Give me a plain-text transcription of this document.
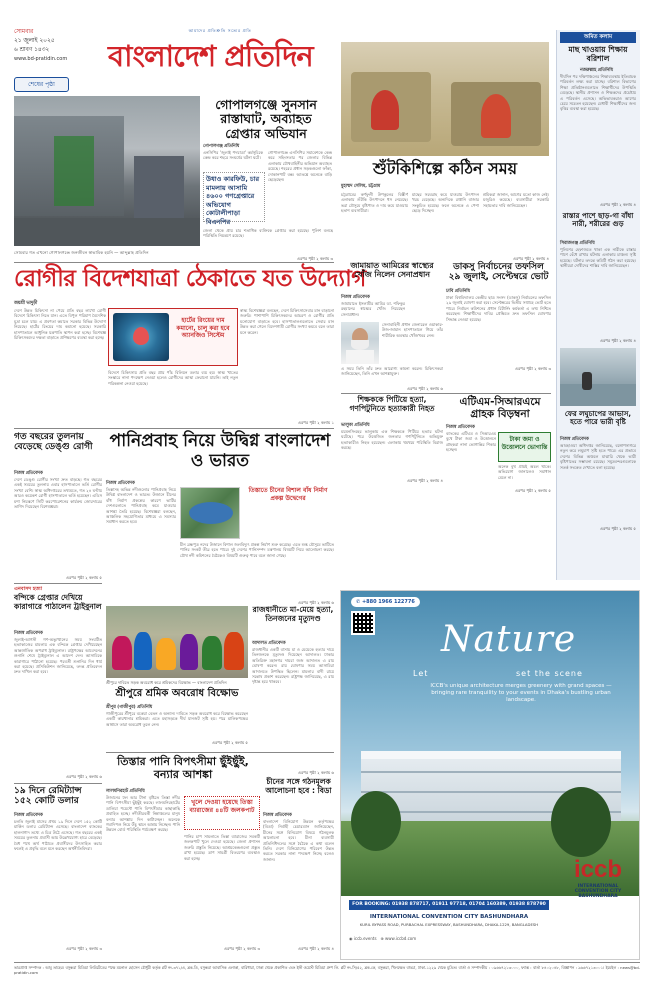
সোমবার
২১ জুলাই ২০২৫
৬ শ্রাবণ ১৪৩২
www.bd-pratidin.com
আমাদের প্রতিশ্রুতি সত্যের প্রতি
বাংলাদেশ প্রতিদিন
শেষের পৃষ্ঠা
সোমবার গত এখনো গোপালগঞ্জে জনজীবন স্বাভাবিক হয়নি — আব্দুল্লাহ প্রতিদিন
গোপালগঞ্জে সুনসান রাস্তাঘাট, অব্যাহত গ্রেপ্তার অভিযান
গোপালগঞ্জ প্রতিনিধি
উধাও কারফিউ, চার মামলায় আসামি ৪৬০০ গণগ্রেপ্তারে অভিযোগ কোটালীপাড়া বিএনপির
গোপালগঞ্জে এনসিপির সমাবেশকে কেন্দ্র করে সহিংসতার পর জেলার বিভিন্ন এলাকায় যৌথবাহিনীর অভিযান অব্যাহত রয়েছে। শহরের প্রধান সড়কগুলো ফাঁকা, দোকানপাট বন্ধ। আতঙ্কে অনেকে বাড়ি ছেড়েছেন।
এনসিপির 'জুলাই পদযাত্রা' কর্মসূচিকে কেন্দ্র করে শহরে সংঘর্ষের ঘটনা ঘটে।
জেলা থেকে প্রায় চার শতাধিক ব্যক্তিকে গ্রেপ্তার করা হয়েছে। পুলিশ বলছে পরিস্থিতি নিয়ন্ত্রণে রয়েছে।
এরপর পৃষ্ঠা ২ কলাম ৩
শুঁটকিশিল্পে কঠিন সময়
মুহাম্মদ সেলিম, চট্টগ্রাম
চট্টগ্রামের কর্ণফুলী উপকূলের বিস্তীর্ণ এলাকায় শুঁটকি উৎপাদনে ধস নেমেছে। ভরা মৌসুমে বৃষ্টিপাত ও দাম কমে যাওয়ায় হতাশ ব্যবসায়ীরা।
মাছের সরবরাহ কমে যাওয়ায় উৎপাদন খরচ বেড়েছে। অন্যদিকে রপ্তানি বাজার সংকুচিত হয়েছে। ফলে অনেকে এ পেশা ছেড়ে দিচ্ছেন।
শ্রমিকরা জানান, আগের মতো কাজ নেই। মজুরিও কমেছে। ব্যবসায়ীরা সরকারি সহায়তার দাবি জানিয়েছেন।
এরপর পৃষ্ঠা ২ কলাম ৪
অমিত কলাম
মাছ খাওয়ায় শিক্ষায় বরিশাল
নজরুল্লাহ প্রতিনিধি
দীর্ঘদিন পর দক্ষিণাঞ্চলের শিক্ষাব্যবস্থায় ইতিবাচক পরিবর্তন লক্ষ্য করা যাচ্ছে। বরিশাল বিভাগের শিক্ষা প্রতিষ্ঠানগুলোতে শিক্ষার্থীদের উপস্থিতি বেড়েছে। স্থানীয় প্রশাসন ও শিক্ষকদের প্রচেষ্টায় এ পরিবর্তন এসেছে। অভিভাবকরাও আগের চেয়ে সচেতন হয়েছেন। মেধাবী শিক্ষার্থীদের জন্য বৃত্তির ব্যবস্থা করা হয়েছে।
এরপর পৃষ্ঠা ২ কলাম ৪
রাস্তার পাশে ছাড়-গা বাঁধা নারী, শরীরের গুড়
সিরাজগঞ্জ প্রতিনিধি
পুলিশের হেফাজতে থাকা এক নারীকে রাস্তার পাশে বেঁধে রাখার ঘটনায় এলাকায় চাঞ্চল্য সৃষ্টি হয়েছে। ঘটনার তদন্তে কমিটি গঠন করা হয়েছে। স্থানীয়রা দোষীদের শাস্তির দাবি জানিয়েছেন।
এরপর পৃষ্ঠা ২ কলাম ৪
ফের লঘুচাপের আভাস, হতে পারে ভারী বৃষ্টি
নিজস্ব প্রতিবেদক
আবহাওয়া অধিদপ্তর জানিয়েছে, বঙ্গোপসাগরে নতুন করে লঘুচাপ সৃষ্টি হতে পারে। এর প্রভাবে দেশের বিভিন্ন অঞ্চলে মাঝারি থেকে ভারী বৃষ্টিপাতের সম্ভাবনা রয়েছে। সমুদ্রবন্দরগুলোকে সতর্ক সংকেত দেখাতে বলা হয়েছে।
এরপর পৃষ্ঠা ২ কলাম ৫
রোগীর বিদেশযাত্রা ঠেকাতে যত উদ্যোগ
জয়শ্রী ভাদুড়ী
দেশে উন্নত চিকিৎসা না পেয়ে প্রতি বছর লাখো রোগী বিদেশে চিকিৎসা নিতে যান। এতে বিপুল পরিমাণ বৈদেশিক মুদ্রা চলে যায়। এ প্রবণতা কমাতে সরকার বিভিন্ন উদ্যোগ নিয়েছে। হার্টের রিংয়ের দাম কমানো হয়েছে। সরকারি হাসপাতালে আধুনিক যন্ত্রপাতি স্থাপন করা হচ্ছে। বিশেষজ্ঞ চিকিৎসকদের দক্ষতা বাড়াতে প্রশিক্ষণের ব্যবস্থা করা হচ্ছে।
হার্টের রিংয়ের দাম কমানো, চালু করা হবে অ্যানজিও সিস্টেম
বিদেশে চিকিৎসায় প্রতি বছর প্রায় পাঁচ বিলিয়ন ডলার ব্যয় হয়। স্বাস্থ্য খাতের সংস্কারে নানা পদক্ষেপ নেওয়া হলেও রোগীদের আস্থা ফেরানো যায়নি। তাই নতুন পরিকল্পনা নেওয়া হয়েছে।
স্বাস্থ্য বিশেষজ্ঞরা বলছেন, দেশে চিকিৎসাসেবার মান বাড়ানো জরুরি। পাশাপাশি চিকিৎসকদের আচরণ ও রোগীর প্রতি মনোযোগ বাড়াতে হবে। হাসপাতালগুলোতে সেবার মান উন্নত করা গেলে বিদেশগামী রোগীর সংখ্যা কমবে বলে তারা মনে করেন।
এরপর পৃষ্ঠা ২ কলাম ১
জামায়াত আমিরের স্বাস্থ্যের খোঁজ নিলেন সেনাপ্রধান
নিজস্ব প্রতিবেদক
জামায়াতে ইসলামীর আমির ডা. শফিকুর রহমানের স্বাস্থ্যের খোঁজ নিয়েছেন সেনাপ্রধান।
সেনাবাহিনী প্রধান জেনারেল ওয়াকার-উজ-জামান হাসপাতালে গিয়ে তাঁর শারীরিক অবস্থার খোঁজখবর নেন।
এ সময় তিনি তাঁর দ্রুত আরোগ্য কামনা করেন। চিকিৎসকরা জানিয়েছেন, তিনি এখন আশঙ্কামুক্ত।
এরপর পৃষ্ঠা ২ কলাম ৬
ডাকসু নির্বাচনের তফসিল ২৯ জুলাই, সেপ্টেম্বরে ভোট
ঢাবি প্রতিনিধি
ঢাকা বিশ্ববিদ্যালয় কেন্দ্রীয় ছাত্র সংসদ (ডাকসু) নির্বাচনের তফসিল ২৯ জুলাই ঘোষণা করা হবে। সেপ্টেম্বরের দ্বিতীয় সপ্তাহে ভোট হতে পারে। নির্বাচন কমিশনের প্রধান রিটার্নিং কর্মকর্তা এ তথ্য নিশ্চিত করেছেন। শিক্ষার্থীদের দাবির প্রেক্ষিতে দ্রুত তফসিল ঘোষণার সিদ্ধান্ত নেওয়া হয়েছে।
এরপর পৃষ্ঠা ২ কলাম ৩
শিক্ষককে পিটিয়ে হত্যা, গণপিটুনিতে হত্যাকারী নিহত
ভালুকা প্রতিনিধি
ময়মনসিংহের ভালুকায় এক শিক্ষককে পিটিয়ে হত্যার ঘটনা ঘটেছে। পরে উত্তেজিত জনতার গণপিটুনিতে অভিযুক্ত হত্যাকারীও নিহত হয়েছেন। এলাকায় থমথমে পরিস্থিতি বিরাজ করছে।
এরপর পৃষ্ঠা ২ কলাম ৪
এটিএম-সিআরএমে গ্রাহক বিড়ম্বনা
নিজস্ব প্রতিবেদক
ব্যাংকের এটিএম ও সিআরএম বুথে টাকা জমা ও উত্তোলনে গ্রাহকরা নানা ভোগান্তির শিকার হচ্ছেন।
টাকা জমা ও উত্তোলনে ভোগান্তি
অনেক বুথ প্রায়ই অচল থাকে। অভিযোগ জানালেও সমাধান মেলে না।
এরপর পৃষ্ঠা ২ কলাম ৫
গত বছরের তুলনায় বেড়েছে ডেঙ্গু রোগী
নিজস্ব প্রতিবেদক
দেশে ডেঙ্গু রোগীর সংখ্যা দ্রুত বাড়ছে। গত বছরের একই সময়ের তুলনায় এবার হাসপাতালে ভর্তি রোগীর সংখ্যা বেশি। স্বাস্থ্য অধিদপ্তরের তথ্যমতে, গত ২৪ ঘণ্টায় আরও কয়েকশ রোগী হাসপাতালে ভর্তি হয়েছেন। এডিস মশা নিয়ন্ত্রণে সিটি করপোরেশনের কার্যক্রম জোরদারের তাগিদ দিয়েছেন বিশেষজ্ঞরা।
এরপর পৃষ্ঠা ২ কলাম ৫
পানিপ্রবাহ নিয়ে উদ্বিগ্ন বাংলাদেশ ও ভারত
নিজস্ব প্রতিবেদক
তিস্তাসহ অভিন্ন নদীগুলোর পানিপ্রবাহ নিয়ে উদ্বিগ্ন বাংলাদেশ ও ভারত। উজানে চীনের বাঁধ নির্মাণ প্রকল্পের কারণে ভাটির দেশগুলোতে পানিপ্রবাহ কমে যাওয়ার আশঙ্কা তৈরি হয়েছে। বিশেষজ্ঞরা বলছেন, আঞ্চলিক সহযোগিতার মাধ্যমে এ সমস্যার সমাধান করতে হবে।
তিস্তাতে চীনের বিশাল বাঁধ নির্মাণ প্রকল্প উদ্বেগের
চীন ব্রহ্মপুত্র নদের উজানে বিশাল জলবিদ্যুৎ প্রকল্প নির্মাণ শুরু করেছে। এতে শুষ্ক মৌসুমে ভাটিতে পানির সংকট তীব্র হতে পারে। দুই দেশের পানিসম্পদ মন্ত্রণালয় বিষয়টি নিয়ে আলোচনা করছে। যৌথ নদী কমিশনের বৈঠকেও বিষয়টি গুরুত্ব পাবে বলে জানা গেছে।
এরপর পৃষ্ঠা ২ কলাম ৬
এনবাসদ হত্যা
বন্দিকে গ্রেপ্তার দেখিয়ে কারাগারে পাঠালেন ট্রাইবুনাল
নিজস্ব প্রতিবেদক
জুলাই-আগস্ট গণ-অভ্যুত্থানের সময় সংঘটিত হত্যাকাণ্ডের মামলায় এক বন্দিকে গ্রেপ্তার দেখিয়েছেন আন্তর্জাতিক অপরাধ ট্রাইব্যুনাল। রাষ্ট্রপক্ষের আবেদনের শুনানি শেষে ট্রাইব্যুনাল এ আদেশ দেন। আসামিকে কারাগারে পাঠানো হয়েছে। পরবর্তী শুনানির দিন ধার্য করা হয়েছে। প্রসিকিউশন জানিয়েছে, তদন্ত প্রতিবেদন দ্রুত দাখিল করা হবে।
এরপর পৃষ্ঠা ২ কলাম ৬
শ্রীপুরে দাবিতে সড়ক অবরোধ করে শ্রমিকদের বিক্ষোভ — বাংলাদেশ প্রতিদিন
শ্রীপুরে শ্রমিক অবরোধ বিক্ষোভ
শ্রীপুর (গাজীপুর) প্রতিনিধি
গাজীপুরের শ্রীপুরে বকেয়া বেতন ও অন্যান্য দাবিতে সড়ক অবরোধ করে বিক্ষোভ করেছেন একটি কারখানার শ্রমিকরা। এতে মহাসড়কে দীর্ঘ যানজট সৃষ্টি হয়। পরে মালিকপক্ষের আশ্বাসে তারা অবরোধ তুলে নেন।
এরপর পৃষ্ঠা ২ কলাম ৫
রাজধানীতে মা-মেয়ে হত্যা, তিনজনের মৃত্যুদণ্ড
আদালত প্রতিবেদক
রাজধানীর একটি বাসায় মা ও মেয়েকে হত্যার দায়ে তিনজনকে মৃত্যুদণ্ড দিয়েছেন আদালত। ঢাকার অতিরিক্ত মহানগর দায়রা জজ আদালত এ রায় ঘোষণা করেন। রায় ঘোষণার সময় আসামিরা আদালতে উপস্থিত ছিলেন। মামলার বাদী রায়ে সন্তোষ প্রকাশ করেছেন। রাষ্ট্রপক্ষ জানিয়েছে, এ রায় দৃষ্টান্ত হয়ে থাকবে।
এরপর পৃষ্ঠা ২ কলাম ৬
১৯ দিনে রেমিট্যান্স ১৫২ কোটি ডলার
নিজস্ব প্রতিবেদক
চলতি জুলাই মাসের প্রথম ১৯ দিনে দেশে ১৫২ কোটি মার্কিন ডলার রেমিট্যান্স এসেছে। বাংলাদেশ ব্যাংকের হালনাগাদ তথ্যে এ চিত্র উঠে এসেছে। গত বছরের একই সময়ের তুলনায় প্রবাসী আয় উল্লেখযোগ্য হারে বেড়েছে। বৈধ পথে অর্থ পাঠাতে প্রবাসীদের উৎসাহিত করার ফলেই এ প্রবৃদ্ধি বলে মনে করছেন অর্থনীতিবিদরা।
এরপর পৃষ্ঠা ২ কলাম ৩
তিস্তার পানি বিপৎসীমা ছুঁইছুঁই, বন্যার আশঙ্কা
লালমনিরহাট প্রতিনিধি
উজানের ঢল আর টানা বৃষ্টিতে তিস্তা নদীর পানি বিপৎসীমা ছুঁইছুঁই করছে। লালমনিরহাটের ডালিয়া পয়েন্টে পানি বিপৎসীমার কাছাকাছি প্রবাহিত হচ্ছে। নদীতীরবর্তী নিম্নাঞ্চলের মানুষ বন্যার আশঙ্কায় দিন কাটাচ্ছেন। অনেকে গবাদিপশু নিয়ে উঁচু স্থানে আশ্রয় নিচ্ছেন। পানি উন্নয়ন বোর্ড পরিস্থিতি পর্যবেক্ষণ করছে।
খুলে দেওয়া হয়েছে তিস্তা ব্যারাজের ৪৪টি জলকপাট
পানির চাপ সামলাতে তিস্তা ব্যারাজের সবকটি জলকপাট খুলে দেওয়া হয়েছে। জেলা প্রশাসন জরুরি প্রস্তুতি নিয়েছে। আশ্রয়কেন্দ্রগুলো প্রস্তুত রাখা হয়েছে। ত্রাণ সামগ্রী বিতরণের ব্যবস্থাও করা হচ্ছে।
এরপর পৃষ্ঠা ২ কলাম ৩
চীনের সঙ্গে গঠনমূলক আলোচনা হবে : বিডা
নিজস্ব প্রতিবেদক
বাংলাদেশ বিনিয়োগ উন্নয়ন কর্তৃপক্ষের (বিডা) নির্বাহী চেয়ারম্যান জানিয়েছেন, চীনের সঙ্গে বিনিয়োগ বিষয়ে গঠনমূলক আলোচনা হবে। চীনা ব্যবসায়ী প্রতিনিধিদলের সঙ্গে বৈঠকে এ কথা বলেন তিনি। দেশে বিনিয়োগের পরিবেশ উন্নত করতে সরকার নানা পদক্ষেপ নিচ্ছে বলেও জানান।
এরপর পৃষ্ঠা ২ কলাম ৪
✆ +880 1966 122776
Nature
Let	set the scene
ICCB's unique architecture merges greenery with grand spaces — bringing rare tranquility to your events in Dhaka's bustling urban landscape.
FOR BOOKING: 01938 878717, 01911 97718, 01704 160389, 01938 878790
INTERNATIONAL CONVENTION CITY BASHUNDHARA
KURIL BYPASS ROAD, PURBACHAL EXPRESSWAY, BASHUNDHARA, DHAKA-1229, BANGLADESH
◉ iccb.events ⊕ www.iccbd.com
iccb
INTERNATIONAL
CONVENTION CITY
BASHUNDHARA
ভারপ্রাপ্ত সম্পাদক : আবু তাহের। বসুন্ধরা মিডিয়া লিমিটেডের পক্ষে ময়নাল হোসেন চৌধুরী কর্তৃক প্লট নং-৩৭১/এ, ব্লক-ডি, বসুন্ধরা আবাসিক এলাকা, বারিধারা, ঢাকা থেকে প্রকাশিত এবং ইস্ট ওয়েস্ট মিডিয়া গ্রুপ লি. প্লট নং-সি/৫২, ব্লক-কে, বসুন্ধরা, খিলক্ষেত বাড্ডা, ঢাকা-১২২৯ থেকে মুদ্রিত। বার্তা ও সম্পাদকীয় : ০৯৬৬৭২১৩০০০, ফ্যাক্স : বার্তা ৮৪০২০৪৮, বিজ্ঞাপন : ৯৬৬৭২১৩০০১। ইমেইল : news@bd-pratidin.com
